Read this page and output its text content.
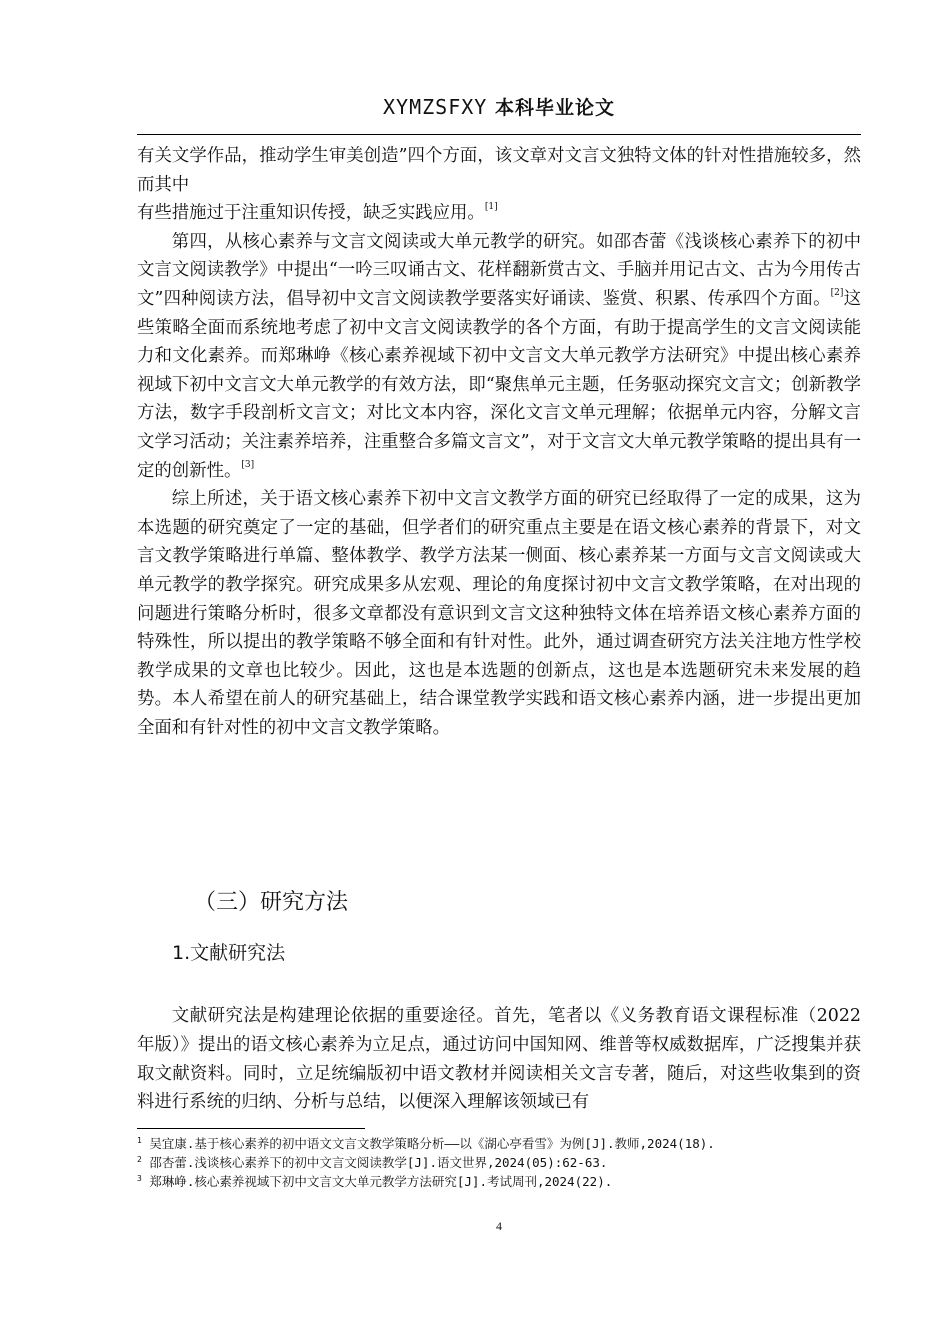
XYMZSFXY 本科毕业论文

有关文学作品，推动学生审美创造”四个方面，该文章对文言文独特文体的针对性措施较多，然而其中

有些措施过于注重知识传授，缺乏实践应用。[1]

第四，从核心素养与文言文阅读或大单元教学的研究。如邵杏蕾《浅谈核心素养下的初中文言文阅读教学》中提出“一吟三叹诵古文、花样翻新赏古文、手脑并用记古文、古为今用传古文”四种阅读方法，倡导初中文言文阅读教学要落实好诵读、鉴赏、积累、传承四个方面。[2]这些策略全面而系统地考虑了初中文言文阅读教学的各个方面，有助于提高学生的文言文阅读能力和文化素养。而郑琳峥《核心素养视域下初中文言文大单元教学方法研究》中提出核心素养视域下初中文言文大单元教学的有效方法，即“聚焦单元主题，任务驱动探究文言文；创新教学方法，数字手段剖析文言文；对比文本内容，深化文言文单元理解；依据单元内容，分解文言文学习活动；关注素养培养，注重整合多篇文言文”，对于文言文大单元教学策略的提出具有一定的创新性。[3]

综上所述，关于语文核心素养下初中文言文教学方面的研究已经取得了一定的成果，这为本选题的研究奠定了一定的基础，但学者们的研究重点主要是在语文核心素养的背景下，对文言文教学策略进行单篇、整体教学、教学方法某一侧面、核心素养某一方面与文言文阅读或大单元教学的教学探究。研究成果多从宏观、理论的角度探讨初中文言文教学策略，在对出现的问题进行策略分析时，很多文章都没有意识到文言文这种独特文体在培养语文核心素养方面的特殊性，所以提出的教学策略不够全面和有针对性。此外，通过调查研究方法关注地方性学校教学成果的文章也比较少。因此，这也是本选题的创新点，这也是本选题研究未来发展的趋势。本人希望在前人的研究基础上，结合课堂教学实践和语文核心素养内涵，进一步提出更加全面和有针对性的初中文言文教学策略。

（三）研究方法
1.文献研究法

文献研究法是构建理论依据的重要途径。首先，笔者以《义务教育语文课程标准（2022 年版）》提出的语文核心素养为立足点，通过访问中国知网、维普等权威数据库，广泛搜集并获取文献资料。同时，立足统编版初中语文教材并阅读相关文言专著，随后，对这些收集到的资料进行系统的归纳、分析与总结，以便深入理解该领域已有

$^1$ 吴宜康.基于核心素养的初中语文文言文教学策略分析——以《湖心亭看雪》为例[J].教师,2024(18).

$^2$ 邵杏蕾.浅谈核心素养下的初中文言文阅读教学[J].语文世界,2024(05):62-63.

$^3$ 郑琳峥.核心素养视域下初中文言文大单元教学方法研究[J].考试周刊,2024(22).

4
